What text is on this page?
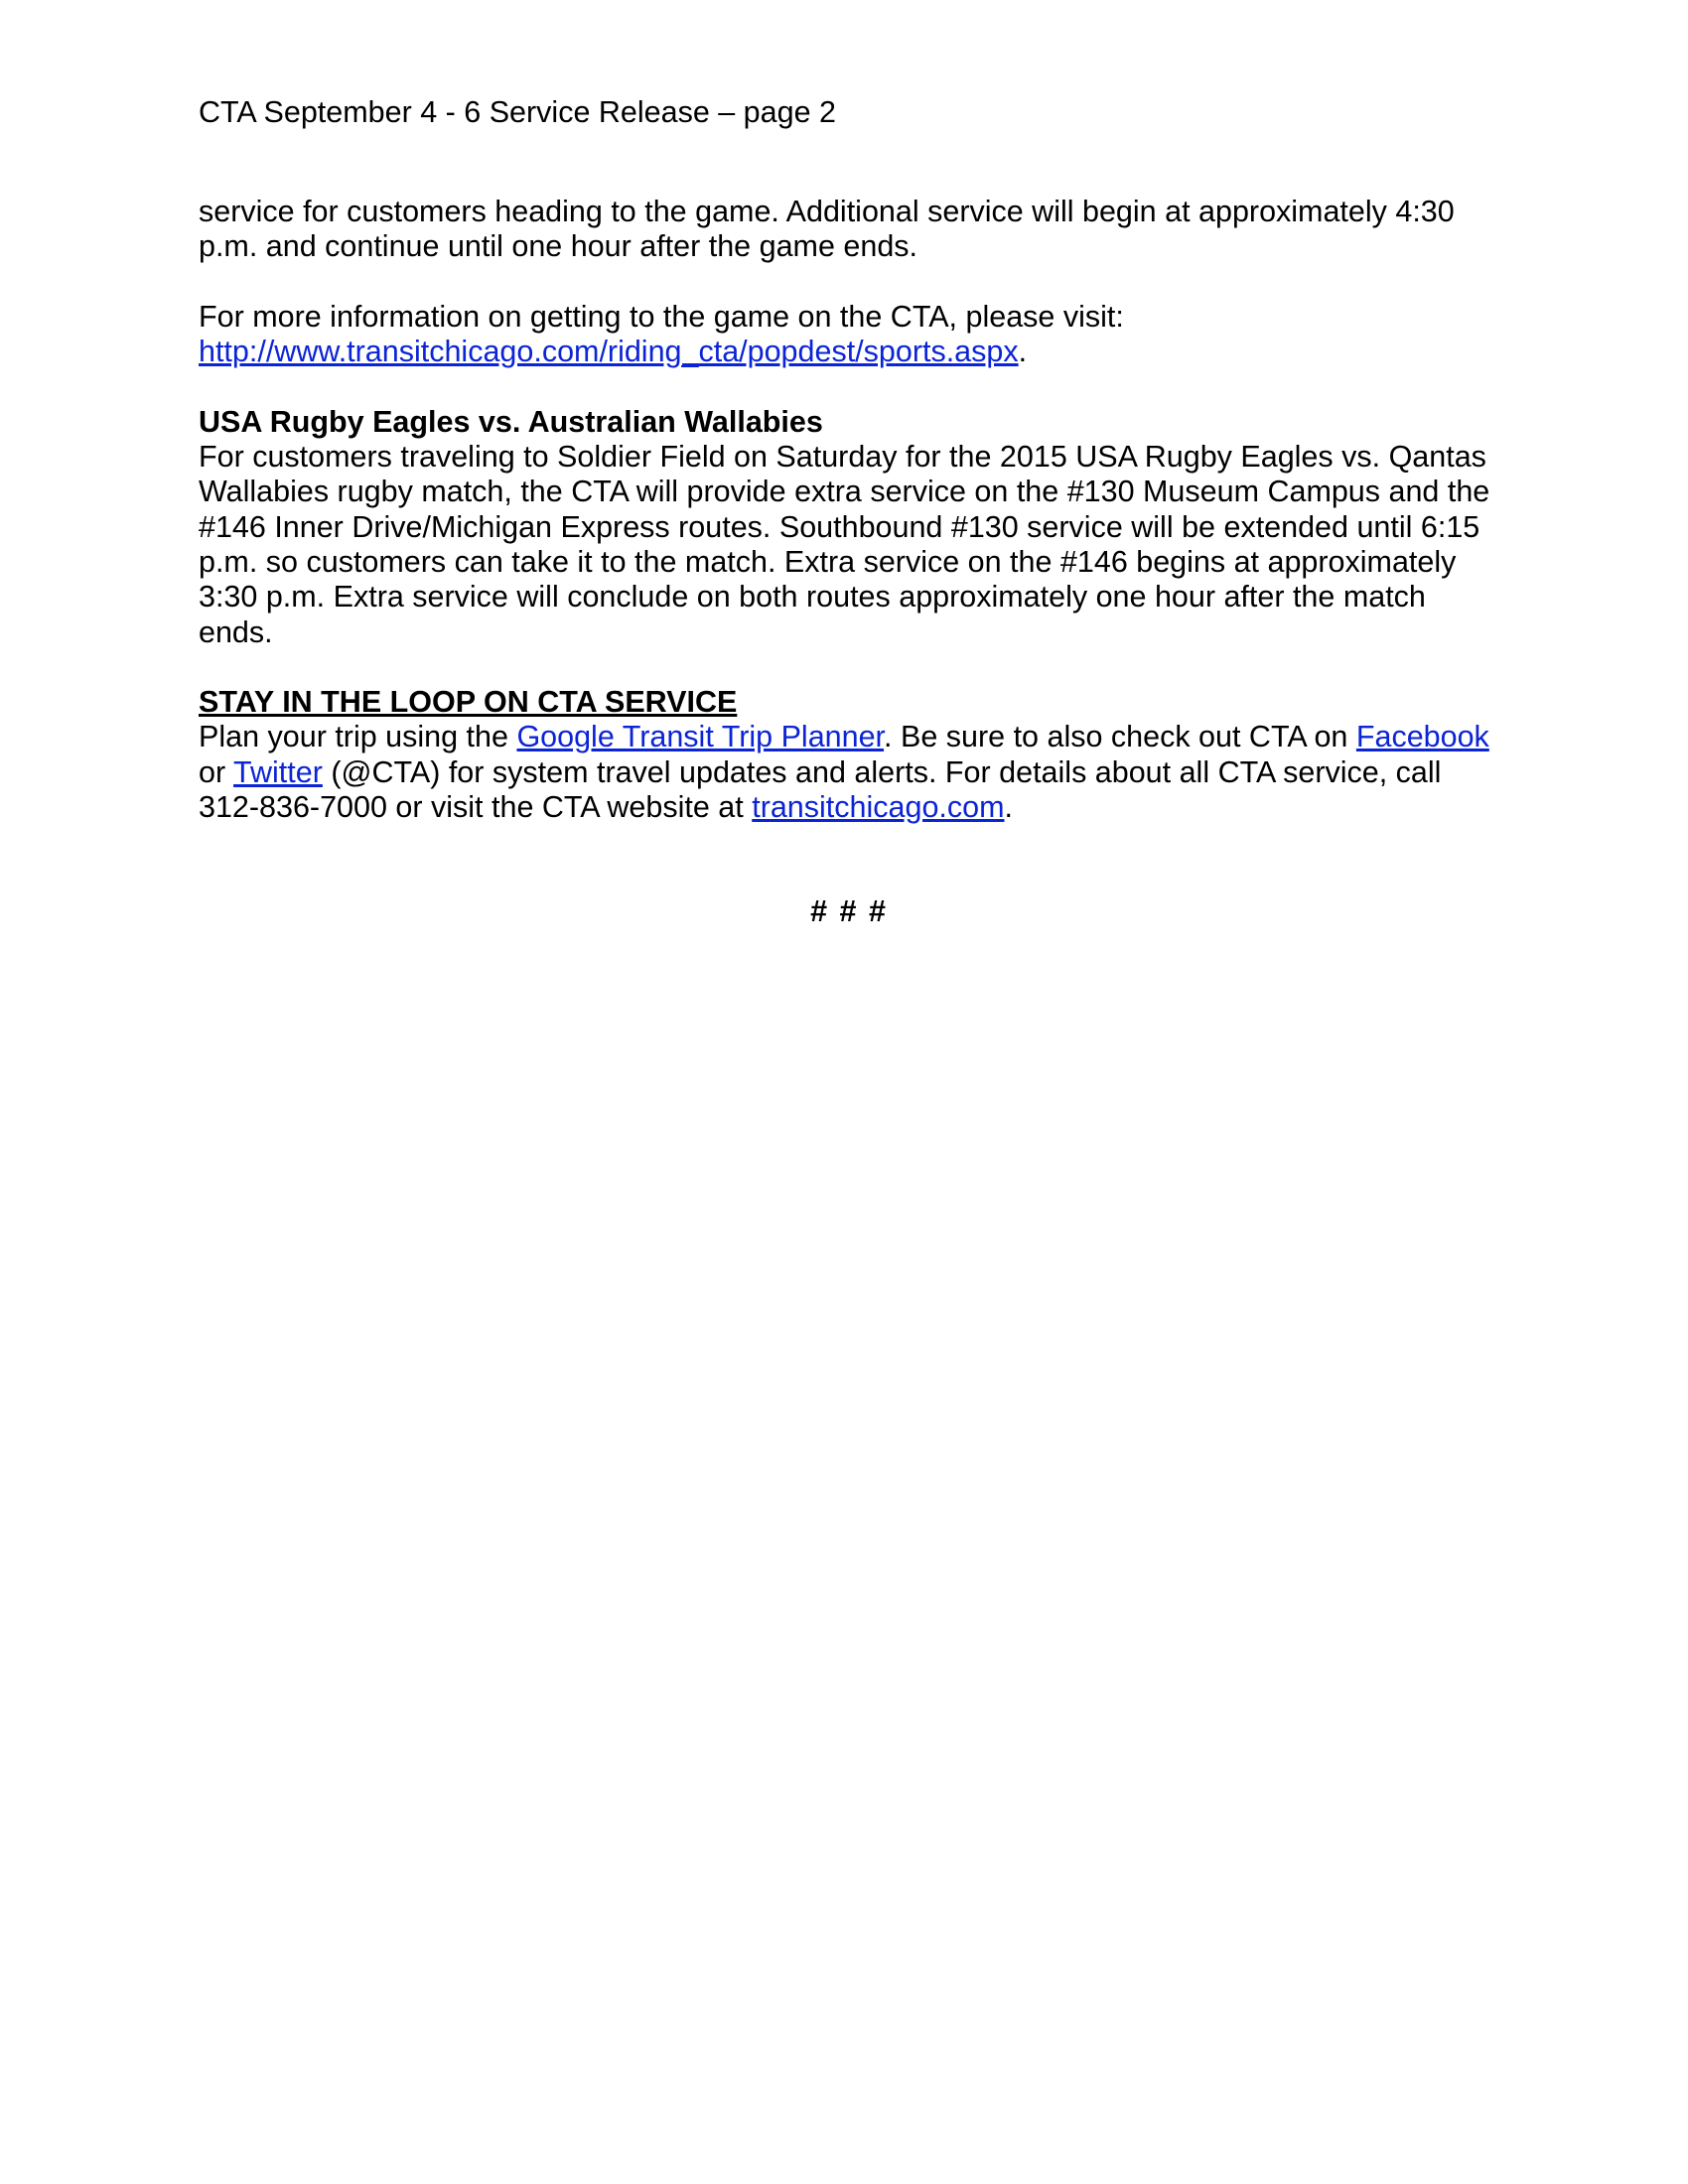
CTA September 4 - 6 Service Release – page 2

service for customers heading to the game. Additional service will begin at approximately 4:30 p.m. and continue until one hour after the game ends.

For more information on getting to the game on the CTA, please visit: http://www.transitchicago.com/riding_cta/popdest/sports.aspx.

USA Rugby Eagles vs. Australian Wallabies

For customers traveling to Soldier Field on Saturday for the 2015 USA Rugby Eagles vs. Qantas Wallabies rugby match, the CTA will provide extra service on the #130 Museum Campus and the #146 Inner Drive/Michigan Express routes. Southbound #130 service will be extended until 6:15 p.m. so customers can take it to the match. Extra service on the #146 begins at approximately 3:30 p.m. Extra service will conclude on both routes approximately one hour after the match ends.

STAY IN THE LOOP ON CTA SERVICE

Plan your trip using the Google Transit Trip Planner. Be sure to also check out CTA on Facebook or Twitter (@CTA) for system travel updates and alerts. For details about all CTA service, call 312-836-7000 or visit the CTA website at transitchicago.com.

# # #
